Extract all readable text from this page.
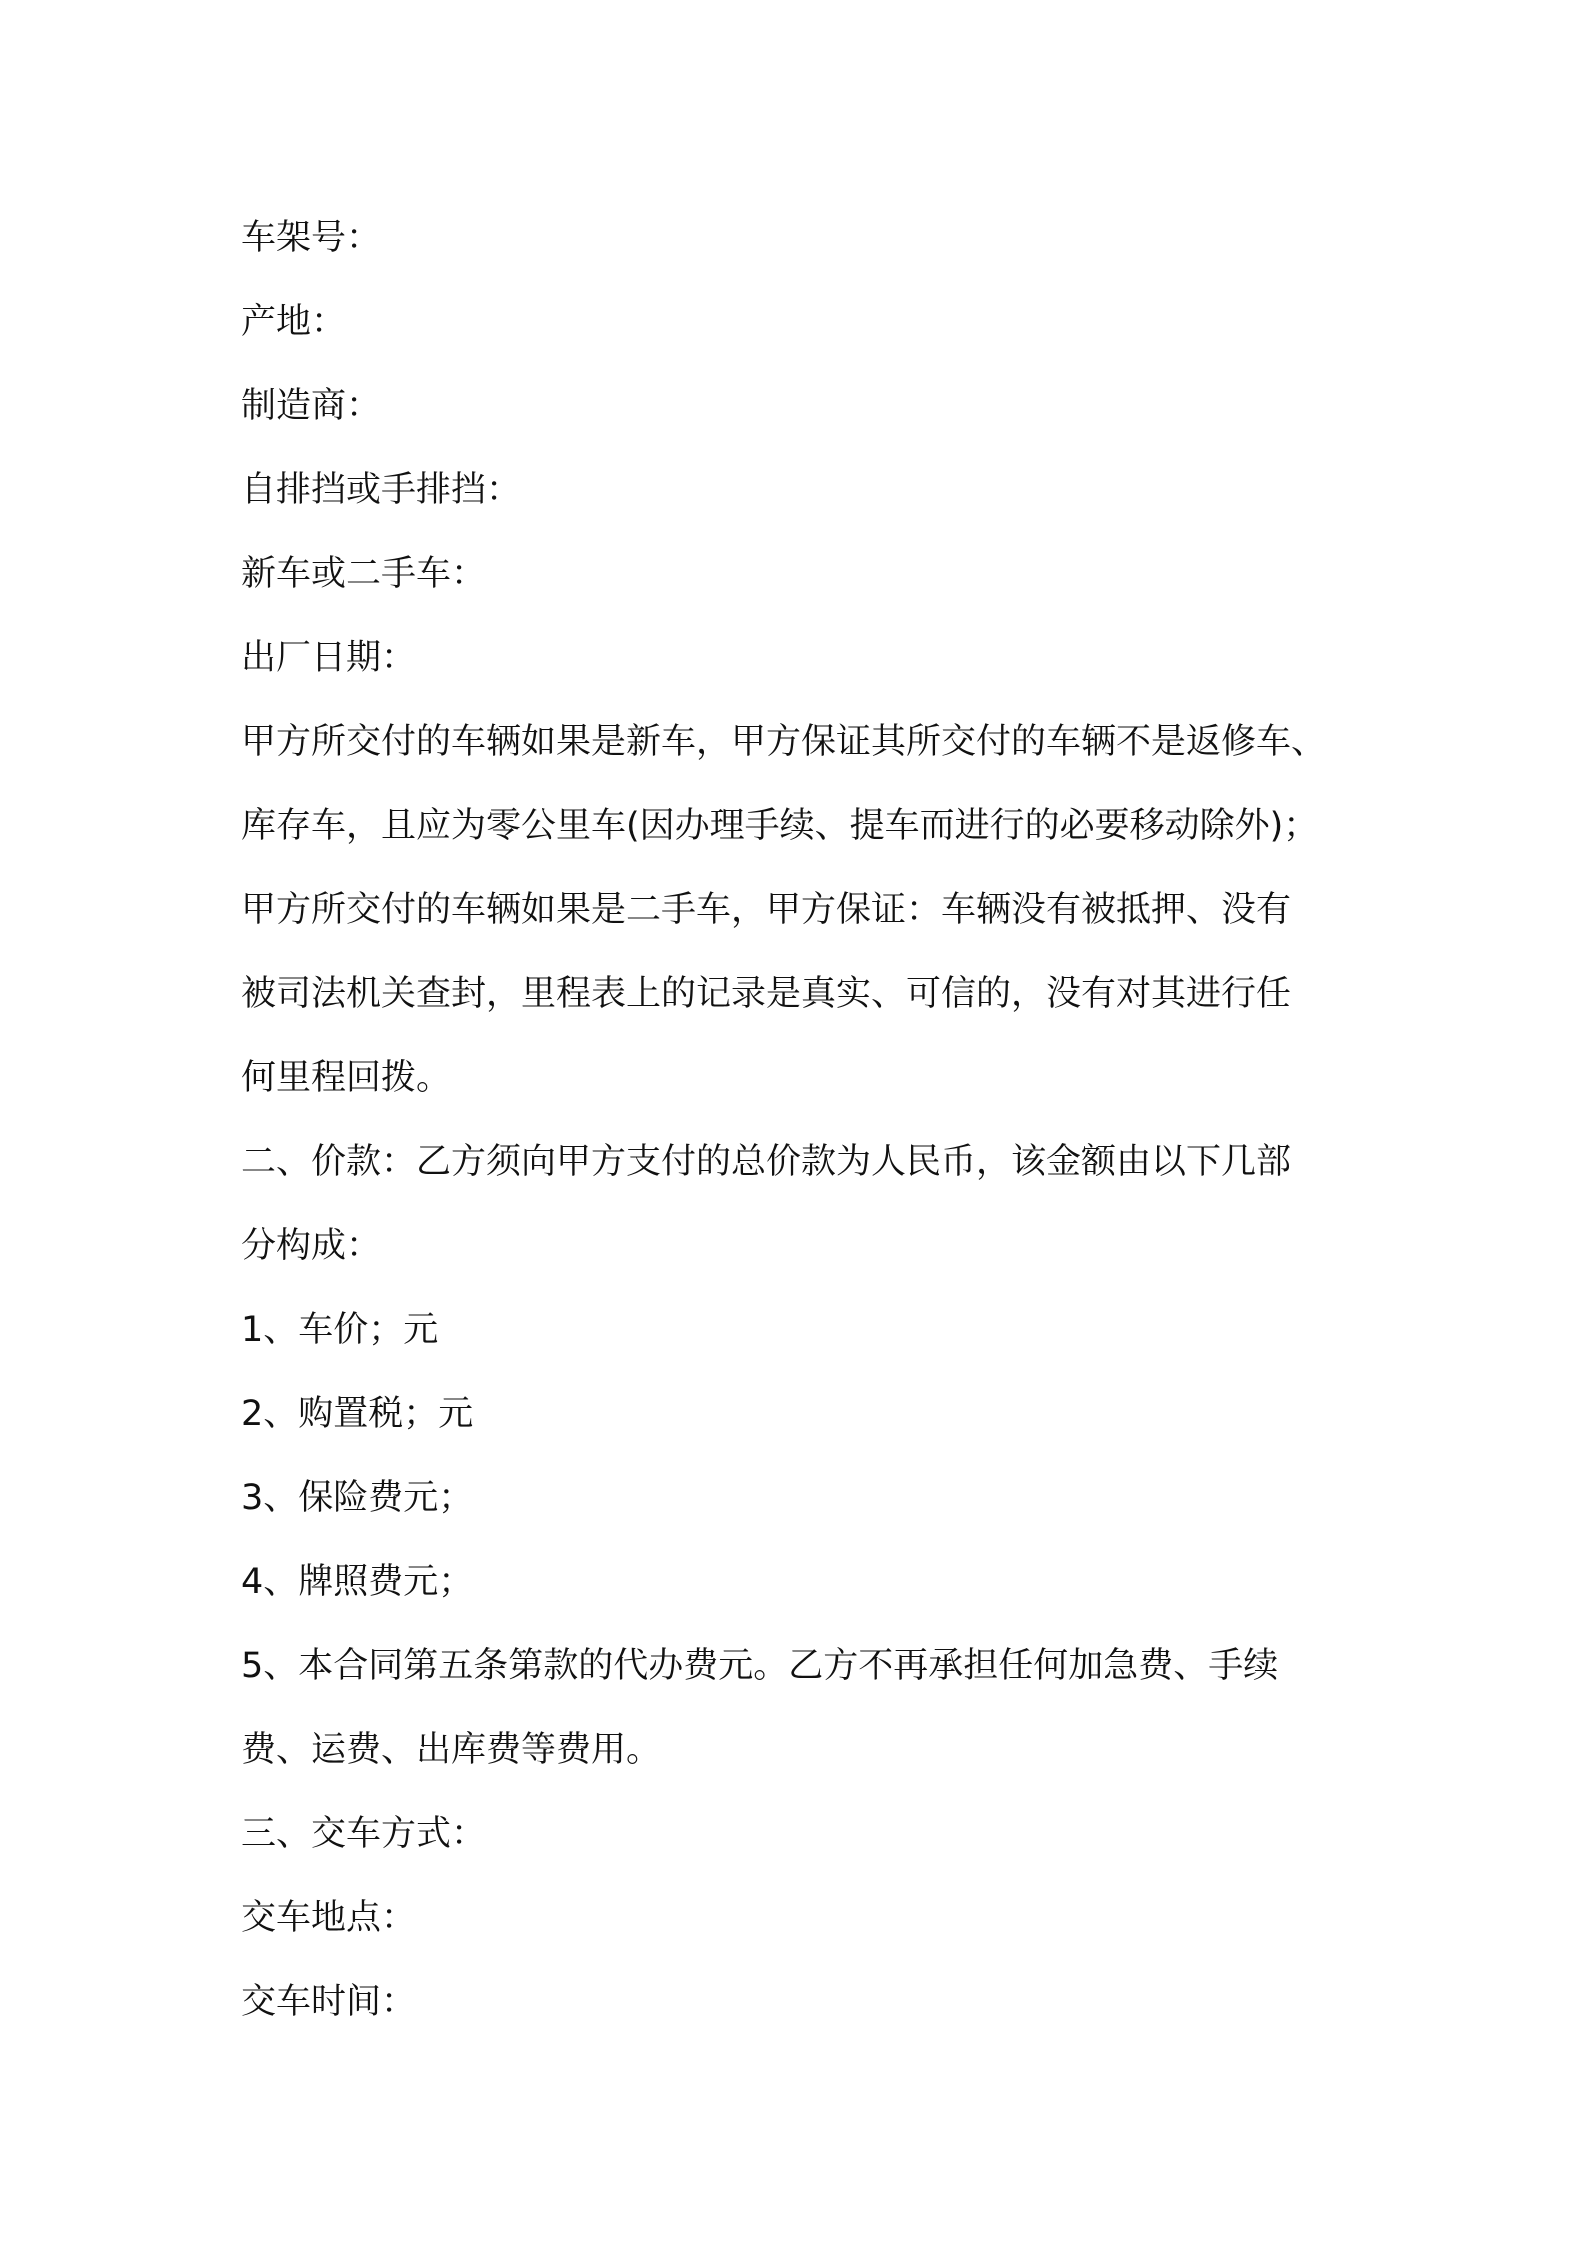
车架号：

产地：

制造商：

自排挡或手排挡：

新车或二手车：

出厂日期：

甲方所交付的车辆如果是新车，甲方保证其所交付的车辆不是返修车、

库存车，且应为零公里车(因办理手续、提车而进行的必要移动除外)；

甲方所交付的车辆如果是二手车，甲方保证：车辆没有被抵押、没有

被司法机关查封，里程表上的记录是真实、可信的，没有对其进行任

何里程回拨。

二、价款：乙方须向甲方支付的总价款为人民币，该金额由以下几部

分构成：

1、车价；元

2、购置税；元

3、保险费元；

4、牌照费元；

5、本合同第五条第款的代办费元。乙方不再承担任何加急费、手续

费、运费、出库费等费用。

三、交车方式：

交车地点：

交车时间：
